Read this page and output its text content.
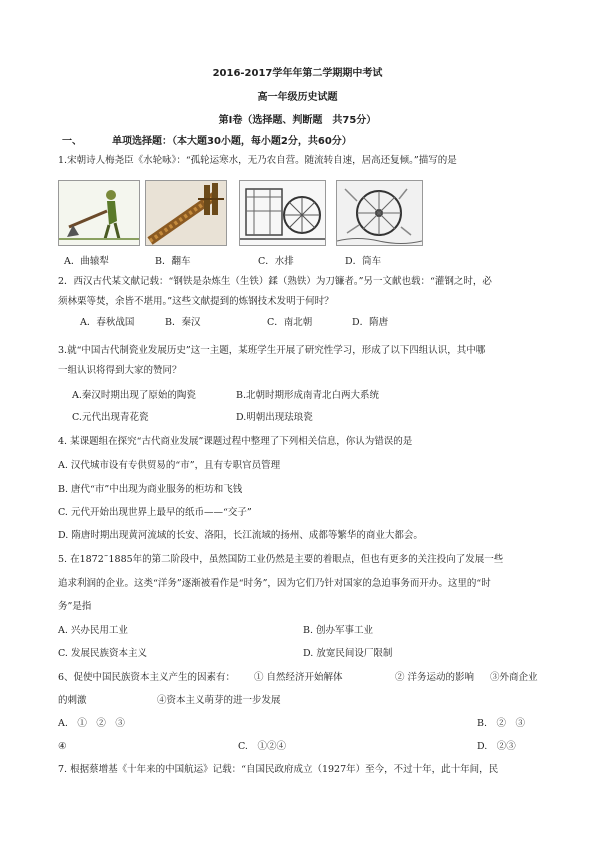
2016-2017学年年第二学期期中考试
高一年级历史试题
第Ⅰ卷（选择题、判断题　共75分）
一、	单项选择题：（本大题30小题，每小题2分，共60分）
1.宋朝诗人梅尧臣《水轮咏》：“孤轮运寒水，无乃农自营。随流转自速，居高还复倾。”描写的是
A．曲辕犁	B．翻车	C．水排	D．筒车
2．西汉古代某文献记载：“钢铁是杂炼生（生铁）鍒（熟铁）为刀镰者。”另一文献也载：“灌钢之时，必
须林栗等焚，余皆不堪用。”这些文献提到的炼钢技术发明于何时？
A．春秋战国	B．秦汉	C．南北朝	D．隋唐
3.就“中国古代制瓷业发展历史”这一主题，某班学生开展了研究性学习，形成了以下四组认识，其中哪
一组认识将得到大家的赞同？
A.秦汉时期出现了原始的陶瓷	B.北朝时期形成南青北白两大系统
C.元代出现青花瓷	D.明朝出现珐琅瓷
4. 某课题组在探究“古代商业发展”课题过程中整理了下列相关信息，你认为错误的是
A. 汉代城市设有专供贸易的“市”，且有专职官员管理
B. 唐代“市”中出现为商业服务的柜坊和飞钱
C. 元代开始出现世界上最早的纸币——“交子”
D. 隋唐时期出现黄河流域的长安、洛阳，长江流域的扬州、成都等繁华的商业大都会。
5. 在1872˜1885年的第二阶段中，虽然国防工业仍然是主要的着眼点，但也有更多的关注投向了发展一些
追求利润的企业。这类“洋务”逐渐被看作是“时务”，因为它们乃针对国家的急迫事务而开办。这里的“时
务”是指
A. 兴办民用工业	B. 创办军事工业
C. 发展民族资本主义	D. 放宽民间设厂限制
6、促使中国民族资本主义产生的因素有： ① 自然经济开始解体	② 洋务运动的影响 ③外商企业
的刺激	④资本主义萌芽的进一步发展
A.　①　②　③	B.　②　③
④	C.　①②④	D.　②③
7. 根据蔡增基《十年来的中国航运》记载：“自国民政府成立（1927年）至今，不过十年，此十年间，民
